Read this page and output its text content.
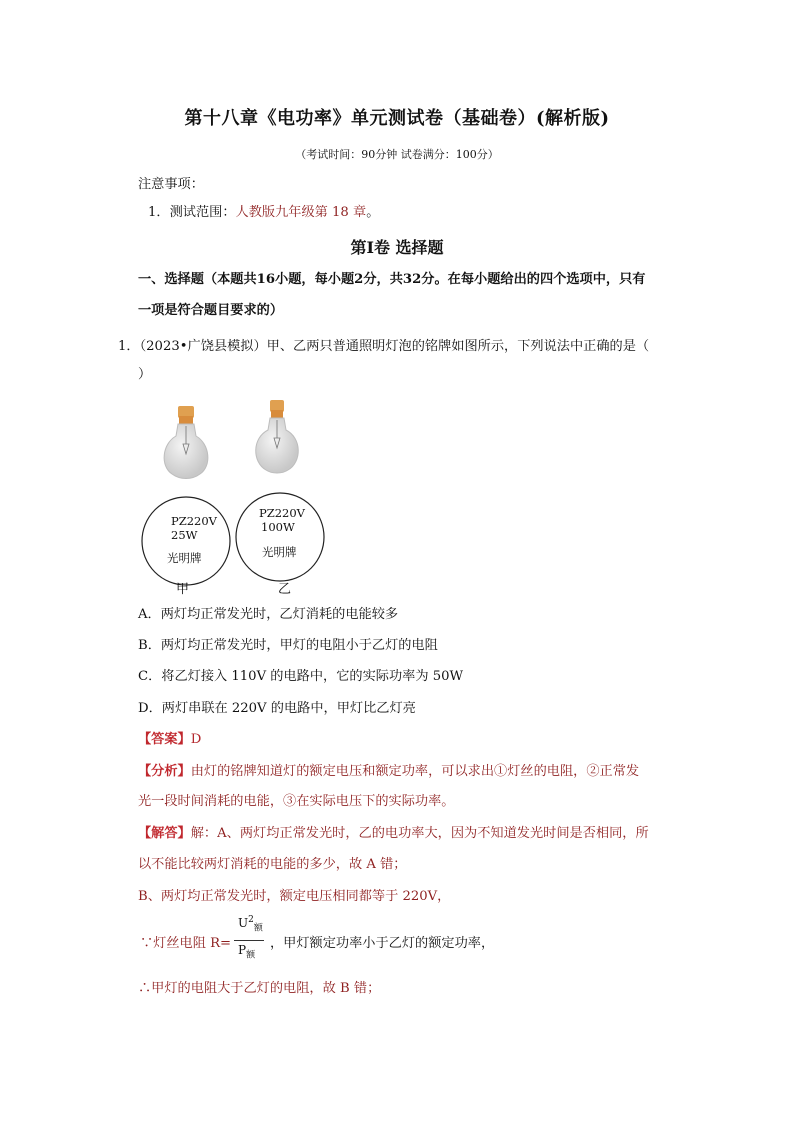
第十八章《电功率》单元测试卷（基础卷）(解析版)
（考试时间：90分钟 试卷满分：100分）
注意事项：
1．测试范围：人教版九年级第 18 章。
第Ⅰ卷 选择题
一、选择题（本题共16小题，每小题2分，共32分。在每小题给出的四个选项中，只有
一项是符合题目要求的）
1．（2023•广饶县模拟）甲、乙两只普通照明灯泡的铭牌如图所示，下列说法中正确的是（
）
PZ220V
25W
光明牌
甲
PZ220V
100W
光明牌
乙
A．两灯均正常发光时，乙灯消耗的电能较多
B．两灯均正常发光时，甲灯的电阻小于乙灯的电阻
C．将乙灯接入 110V 的电路中，它的实际功率为 50W
D．两灯串联在 220V 的电路中，甲灯比乙灯亮
【答案】D
【分析】由灯的铭牌知道灯的额定电压和额定功率，可以求出①灯丝的电阻，②正常发
光一段时间消耗的电能，③在实际电压下的实际功率。
【解答】解：A、两灯均正常发光时，乙的电功率大，因为不知道发光时间是否相同，所
以不能比较两灯消耗的电能的多少，故 A 错；
B、两灯均正常发光时，额定电压相同都等于 220V，
∵灯丝电阻 R=
$U^2_额$
$P_额$
，甲灯额定功率小于乙灯的额定功率，
∴甲灯的电阻大于乙灯的电阻，故 B 错；
